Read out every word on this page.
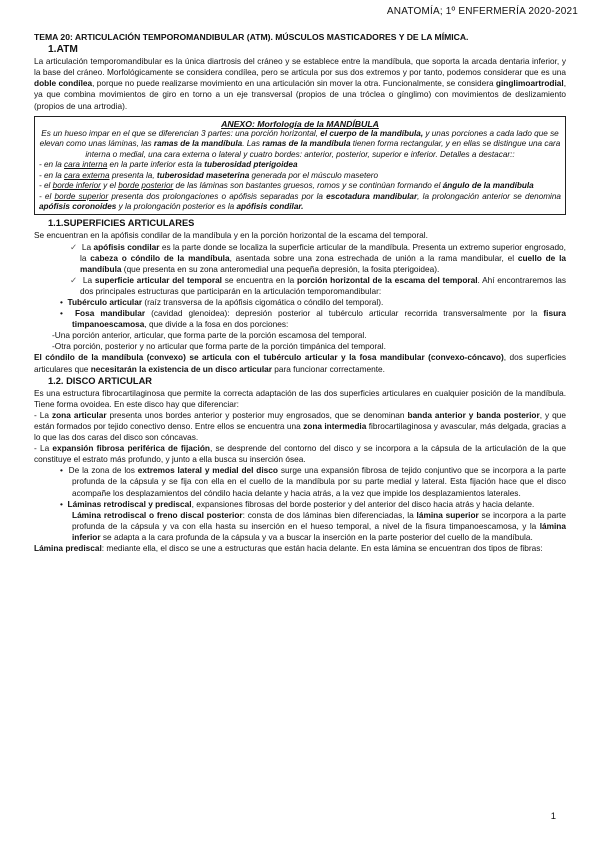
ANATOMÍA; 1º ENFERMERÍA 2020-2021

TEMA 20: ARTICULACIÓN TEMPOROMANDIBULAR (ATM). MÚSCULOS MASTICADORES Y DE LA MÍMICA.

1.ATM

La articulación temporomandibular es la única diartrosis del cráneo y se establece entre la mandíbula, que soporta la arcada dentaria inferior, y la base del cráneo. Morfológicamente se considera condílea, pero se articula por sus dos extremos y por tanto, podemos considerar que es una doble condílea, porque no puede realizarse movimiento en una articulación sin mover la otra. Funcionalmente, se considera ginglimoartrodial, ya que combina movimientos de giro en torno a un eje transversal (propios de una tróclea o gínglimo) con movimientos de deslizamiento (propios de una artrodia).

ANEXO: Morfología de la MANDÍBULA

Es un hueso impar en el que se diferencian 3 partes: una porción horizontal, el cuerpo de la mandíbula, y unas porciones a cada lado que se elevan como unas láminas, las ramas de la mandíbula. Las ramas de la mandíbula tienen forma rectangular, y en ellas se distingue una cara interna o medial, una cara externa o lateral y cuatro bordes: anterior, posterior, superior e inferior. Detalles a destacar::

- en la cara interna en la parte inferior esta la tuberosidad pterigoidea

- en la cara externa presenta la, tuberosidad maseterina generada por el músculo masetero

- el borde inferior y el borde posterior de las láminas son bastantes gruesos, romos y se continúan formando el ángulo de la mandíbula

- el borde superior presenta dos prolongaciones o apófisis separadas por la escotadura mandibular, la prolongación anterior se denomina apófisis coronoides y la prolongación posterior es la apófisis condilar.

1.1.SUPERFICIES ARTICULARES

Se encuentran en la apófisis condilar de la mandíbula y en la porción horizontal de la escama del temporal.

✓ La apófisis condilar es la parte donde se localiza la superficie articular de la mandíbula. Presenta un extremo superior engrosado, la cabeza o cóndilo de la mandíbula, asentada sobre una zona estrechada de unión a la rama mandibular, el cuello de la mandíbula (que presenta en su zona anteromedial una pequeña depresión, la fosita pterigoidea).

✓ La superficie articular del temporal se encuentra en la porción horizontal de la escama del temporal. Ahí encontraremos las dos principales estructuras que participarán en la articulación temporomandibular:

• Tubérculo articular (raíz transversa de la apófisis cigomática o cóndilo del temporal).

• Fosa mandibular (cavidad glenoidea): depresión posterior al tubérculo articular recorrida transversalmente por la fisura timpanoescamosa, que divide a la fosa en dos porciones:

-Una porción anterior, articular, que forma parte de la porción escamosa del temporal.

-Otra porción, posterior y no articular que forma parte de la porción timpánica del temporal.

El cóndilo de la mandíbula (convexo) se articula con el tubérculo articular y la fosa mandibular (convexo-cóncavo), dos superficies articulares que necesitarán la existencia de un disco articular para funcionar correctamente.

1.2. DISCO ARTICULAR

Es una estructura fibrocartilaginosa que permite la correcta adaptación de las dos superficies articulares en cualquier posición de la mandíbula. Tiene forma ovoidea. En este disco hay que diferenciar:

- La zona articular presenta unos bordes anterior y posterior muy engrosados, que se denominan banda anterior y banda posterior, y que están formados por tejido conectivo denso. Entre ellos se encuentra una zona intermedia fibrocartilaginosa y avascular, más delgada, gracias a lo que las dos caras del disco son cóncavas.

- La expansión fibrosa periférica de fijación, se desprende del contorno del disco y se incorpora a la cápsula de la articulación de la que constituye el estrato más profundo, y junto a ella busca su inserción ósea.

• De la zona de los extremos lateral y medial del disco surge una expansión fibrosa de tejido conjuntivo que se incorpora a la parte profunda de la cápsula y se fija con ella en el cuello de la mandíbula por su parte medial y lateral. Esta fijación hace que el disco acompañe los desplazamientos del cóndilo hacia delante y hacia atrás, a la vez que impide los desplazamientos laterales.

• Láminas retrodiscal y prediscal, expansiones fibrosas del borde posterior y del anterior del disco hacia atrás y hacia delante.

Lámina retrodiscal o freno discal posterior: consta de dos láminas bien diferenciadas, la lámina superior se incorpora a la parte profunda de la cápsula y va con ella hasta su inserción en el hueso temporal, a nivel de la fisura timpanoescamosa, y la lámina inferior se adapta a la cara profunda de la cápsula y va a buscar la inserción en la parte posterior del cuello de la mandíbula.

Lámina prediscal: mediante ella, el disco se une a estructuras que están hacia delante. En esta lámina se encuentran dos tipos de fibras:

1
